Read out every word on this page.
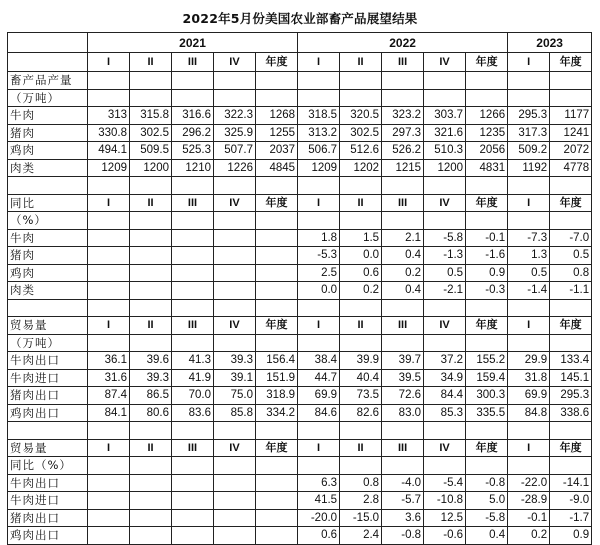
2022年5月份美国农业部畜产品展望结果
	2021					2022					2023	
	I	II	III	IV	年度	I	II	III	IV	年度	I	年度
畜产品产量												
（万吨）												
牛肉	313	315.8	316.6	322.3	1268	318.5	320.5	323.2	303.7	1266	295.3	1177
猪肉	330.8	302.5	296.2	325.9	1255	313.2	302.5	297.3	321.6	1235	317.3	1241
鸡肉	494.1	509.5	525.3	507.7	2037	506.7	512.6	526.2	510.3	2056	509.2	2072
肉类	1209	1200	1210	1226	4845	1209	1202	1215	1200	4831	1192	4778

同比	I	II	III	IV	年度	I	II	III	IV	年度	I	年度
（%）												
牛肉						1.8	1.5	2.1	-5.8	-0.1	-7.3	-7.0
猪肉						-5.3	0.0	0.4	-1.3	-1.6	1.3	0.5
鸡肉						2.5	0.6	0.2	0.5	0.9	0.5	0.8
肉类						0.0	0.2	0.4	-2.1	-0.3	-1.4	-1.1

贸易量	I	II	III	IV	年度	I	II	III	IV	年度	I	年度
（万吨）												
牛肉出口	36.1	39.6	41.3	39.3	156.4	38.4	39.9	39.7	37.2	155.2	29.9	133.4
牛肉进口	31.6	39.3	41.9	39.1	151.9	44.7	40.4	39.5	34.9	159.4	31.8	145.1
猪肉出口	87.4	86.5	70.0	75.0	318.9	69.9	73.5	72.6	84.4	300.3	69.9	295.3
鸡肉出口	84.1	80.6	83.6	85.8	334.2	84.6	82.6	83.0	85.3	335.5	84.8	338.6

贸易量	I	II	III	IV	年度	I	II	III	IV	年度	I	年度
同比（%）												
牛肉出口						6.3	0.8	-4.0	-5.4	-0.8	-22.0	-14.1
牛肉进口						41.5	2.8	-5.7	-10.8	5.0	-28.9	-9.0
猪肉出口						-20.0	-15.0	3.6	12.5	-5.8	-0.1	-1.7
鸡肉出口						0.6	2.4	-0.8	-0.6	0.4	0.2	0.9
